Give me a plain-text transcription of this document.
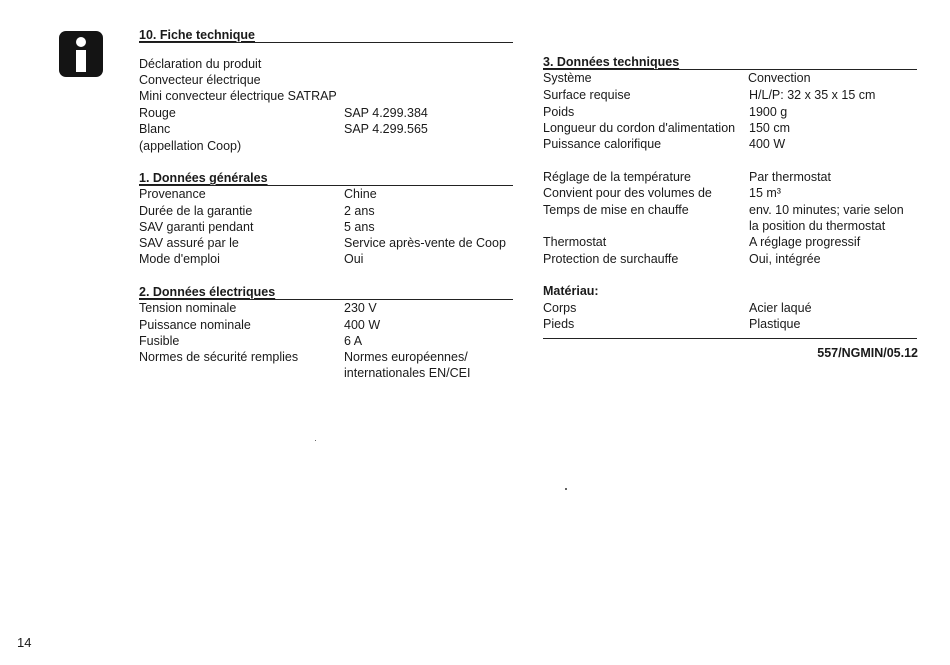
10. Fiche technique
Déclaration du produit
Convecteur électrique
Mini convecteur électrique SATRAP
Rouge	SAP 4.299.384
Blanc	SAP 4.299.565
(appellation Coop)
1. Données générales
Provenance	Chine
Durée de la garantie	2 ans
SAV garanti pendant	5 ans
SAV assuré par le	Service après-vente de Coop
Mode d'emploi	Oui
2. Données électriques
Tension nominale	230 V
Puissance nominale	400 W
Fusible	6 A
Normes de sécurité remplies	Normes européennes/
internationales EN/CEI
3. Données techniques
Système	Convection
Surface requise	H/L/P: 32 x 35 x 15 cm
Poids	1900 g
Longueur du cordon d'alimentation 150 cm
Puissance calorifique	400 W
Réglage de la température	Par thermostat
Convient pour des volumes de	15 m³
Temps de mise en chauffe	env. 10 minutes; varie selon
la position du thermostat
Thermostat	A réglage progressif
Protection de surchauffe	Oui, intégrée
Matériau:
Corps	Acier laqué
Pieds	Plastique
557/NGMIN/05.12
14
